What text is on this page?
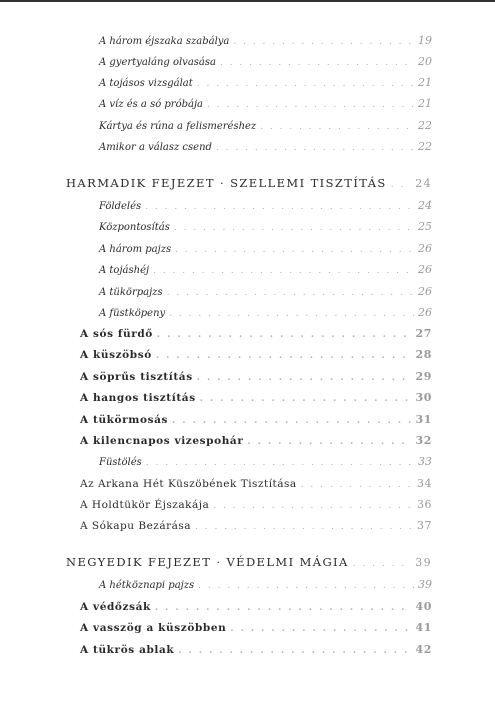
A három éjszaka szabálya . . .	19
A gyertyaláng olvasása . . .	20
A tojásos vizsgálat . . .	21
A víz és a só próbája . . .	21
Kártya és rúna a felismeréshez . . .	22
Amikor a válasz csend . . .	22
HARMADIK FEJEZET · SZELLEMI TISZTÍTÁS . . .	24
Földelés . . .	24
Központosítás . . .	25
A három pajzs . . .	26
A tojáshéj . . .	26
A tükörpajzs . . .	26
A füstköpeny . . .	26
A sós fürdő . . .	27
A küszöbsó . . .	28
A söprűs tisztítás . . .	29
A hangos tisztítás . . .	30
A tükörmosás . . .	31
A kilencnapos vizespohár . . .	32
Füstölés . . .	33
Az Arkana Hét Küszöbének Tisztítása . . .	34
A Holdtükör Éjszakája . . .	36
A Sókapu Bezárása . . .	37
NEGYEDIK FEJEZET · VÉDELMI MÁGIA . . .	39
A hétköznapi pajzs . . .	39
A védőzsák . . .	40
A vasszög a küszöbben . . .	41
A tükrös ablak . . .	42
